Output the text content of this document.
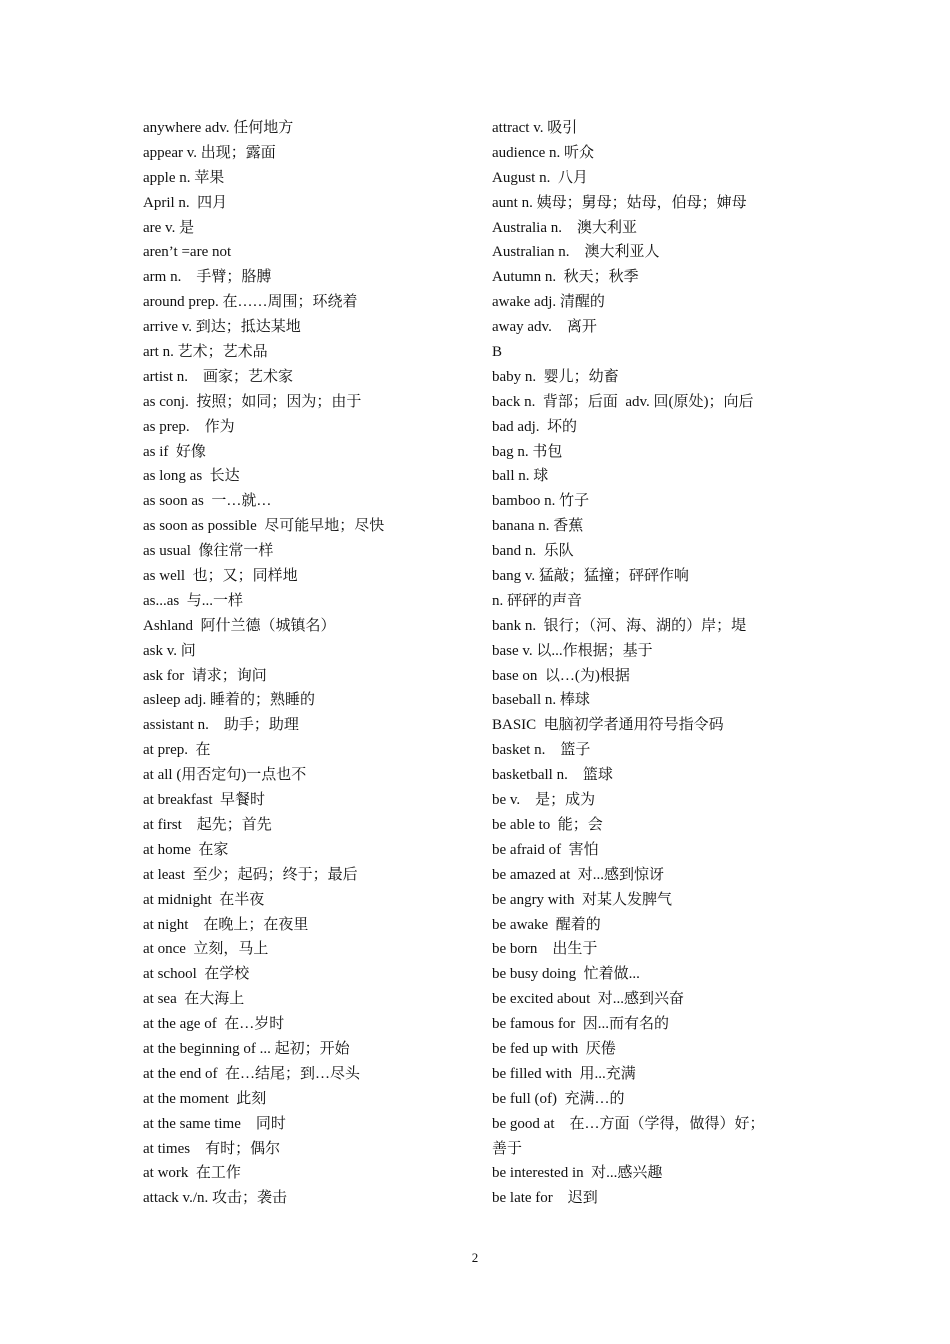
anywhere adv. 任何地方
appear v. 出现；露面
apple n. 苹果
April n.  四月
are v. 是
aren’t =are not
arm n.    手臂；胳膊
around prep. 在……周围；环绕着
arrive v. 到达；抵达某地
art n. 艺术；艺术品
artist n.    画家；艺术家
as conj.  按照；如同；因为；由于
as prep.    作为
as if  好像
as long as  长达
as soon as  一…就…
as soon as possible  尽可能早地；尽快
as usual  像往常一样
as well  也；又；同样地
as...as  与...一样
Ashland  阿什兰德（城镇名）
ask v. 问
ask for  请求；询问
asleep adj. 睡着的；熟睡的
assistant n.    助手；助理
at prep.  在
at all (用否定句)一点也不
at breakfast  早餐时
at first    起先；首先
at home  在家
at least  至少；起码；终于；最后
at midnight  在半夜
at night    在晚上；在夜里
at once  立刻，马上
at school  在学校
at sea  在大海上
at the age of  在…岁时
at the beginning of ... 起初；开始
at the end of  在…结尾；到…尽头
at the moment  此刻
at the same time    同时
at times    有时；偶尔
at work  在工作
attack v./n. 攻击；袭击
attract v. 吸引
audience n. 听众
August n.  八月
aunt n. 姨母；舅母；姑母，伯母；婶母
Australia n.    澳大利亚
Australian n.    澳大利亚人
Autumn n.  秋天；秋季
awake adj. 清醒的
away adv.    离开
B
baby n.  婴儿；幼畜
back n.  背部；后面  adv. 回(原处)；向后
bad adj.  坏的
bag n. 书包
ball n. 球
bamboo n. 竹子
banana n. 香蕉
band n.  乐队
bang v. 猛敲；猛撞；砰砰作响
n. 砰砰的声音
bank n.  银行；（河、海、湖的）岸；堤
base v. 以...作根据；基于
base on  以…(为)根据
baseball n. 棒球
BASIC  电脑初学者通用符号指令码
basket n.    篮子
basketball n.    篮球
be v.    是；成为
be able to  能；会
be afraid of  害怕
be amazed at  对...感到惊讶
be angry with  对某人发脾气
be awake  醒着的
be born    出生于
be busy doing  忙着做...
be excited about  对...感到兴奋
be famous for  因...而有名的
be fed up with  厌倦
be filled with  用...充满
be full (of)  充满…的
be good at    在…方面（学得，做得）好；
善于
be interested in  对...感兴趣
be late for    迟到
2
